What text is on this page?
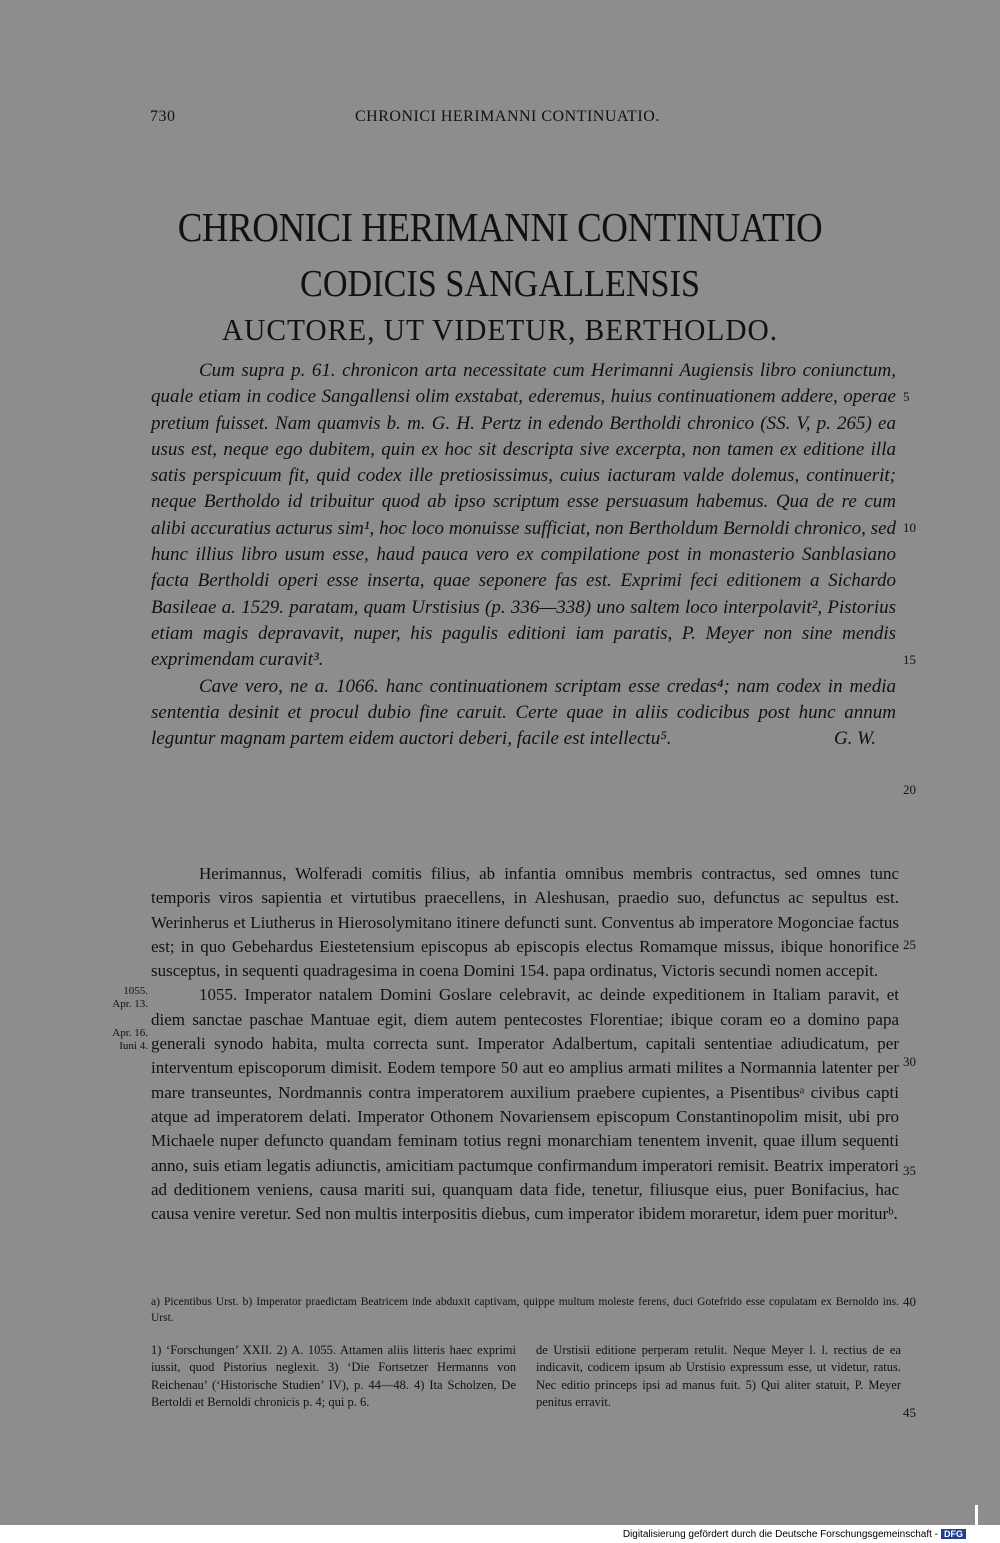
730	CHRONICI HERIMANNI CONTINUATIO.
CHRONICI HERIMANNI CONTINUATIO
CODICIS SANGALLENSIS
AUCTORE, UT VIDETUR, BERTHOLDO.

Cum supra p. 61. chronicon arta necessitate cum Herimanni Augiensis libro coniunctum, quale etiam in codice Sangallensi olim exstabat, ederemus, huius continuationem addere, operae pretium fuisset. Nam quamvis b. m. G. H. Pertz in edendo Bertholdi chronico (SS. V, p. 265) ea usus est, neque ego dubitem, quin ex hoc sit descripta sive excerpta, non tamen ex editione illa satis perspicuum fit, quid codex ille pretiosissimus, cuius iacturam valde dolemus, continuerit; neque Bertholdo id tribuitur quod ab ipso scriptum esse persuasum habemus. Qua de re cum alibi accuratius acturus sim¹, hoc loco monuisse sufficiat, non Bertholdum Bernoldi chronico, sed hunc illius libro usum esse, haud pauca vero ex compilatione post in monasterio Sanblasiano facta Bertholdi operi esse inserta, quae seponere fas est. Exprimi feci editionem a Sichardo Basileae a. 1529. paratam, quam Urstisius (p. 336—338) uno saltem loco interpolavit², Pistorius etiam magis depravavit, nuper, his pagulis editioni iam paratis, P. Meyer non sine mendis exprimendam curavit³.

Cave vero, ne a. 1066. hanc continuationem scriptam esse credas⁴; nam codex in media sententia desinit et procul dubio fine caruit. Certe quae in aliis codicibus post hunc annum leguntur magnam partem eidem auctori deberi, facile est intellectu⁵.	G. W.

5
10
15
20
25
30
35
40
45
1055.
Apr. 13.
Apr. 16.
Iuni 4.

Herimannus, Wolferadi comitis filius, ab infantia omnibus membris contractus, sed omnes tunc temporis viros sapientia et virtutibus praecellens, in Aleshusan, praedio suo, defunctus ac sepultus est. Werinherus et Liutherus in Hierosolymitano itinere defuncti sunt. Conventus ab imperatore Mogonciae factus est; in quo Gebehardus Eiestetensium episcopus ab episcopis electus Romamque missus, ibique honorifice susceptus, in sequenti quadragesima in coena Domini 154. papa ordinatus, Victoris secundi nomen accepit.

1055. Imperator natalem Domini Goslare celebravit, ac deinde expeditionem in Italiam paravit, et diem sanctae paschae Mantuae egit, diem autem pentecostes Florentiae; ibique coram eo a domino papa generali synodo habita, multa correcta sunt. Imperator Adalbertum, capitali sententiae adiudicatum, per interventum episcoporum dimisit. Eodem tempore 50 aut eo amplius armati milites a Normannia latenter per mare transeuntes, Nordmannis contra imperatorem auxilium praebere cupientes, a Pisentibusᵃ civibus capti atque ad imperatorem delati. Imperator Othonem Novariensem episcopum Constantinopolim misit, ubi pro Michaele nuper defuncto quandam feminam totius regni monarchiam tenentem invenit, quae illum sequenti anno, suis etiam legatis adiunctis, amicitiam pactumque confirmandum imperatori remisit. Beatrix imperatori ad deditionem veniens, causa mariti sui, quanquam data fide, tenetur, filiusque eius, puer Bonifacius, hac causa venire veretur. Sed non multis interpositis diebus, cum imperator ibidem moraretur, idem puer moriturᵇ.

a) Picentibus Urst. b) Imperator praedictam Beatricem inde abduxit captivam, quippe multum moleste ferens, duci Gotefrido esse copulatam ex Bernoldo ins. Urst.

1) ‘Forschungen’ XXII. 2) A. 1055. Attamen aliis litteris haec exprimi iussit, quod Pistorius neglexit. 3) ‘Die Fortsetzer Hermanns von Reichenau’ (‘Historische Studien’ IV), p. 44—48. 4) Ita Scholzen, De Bertoldi et Bernoldi chronicis p. 4; qui p. 6.
de Urstisii editione perperam retulit. Neque Meyer l. l. rectius de ea indicavit, codicem ipsum ab Urstisio expressum esse, ut videtur, ratus. Nec editio princeps ipsi ad manus fuit. 5) Qui aliter statuit, P. Meyer penitus erravit.
Digitalisierung gefördert durch die Deutsche Forschungsgemeinschaft - DFG
